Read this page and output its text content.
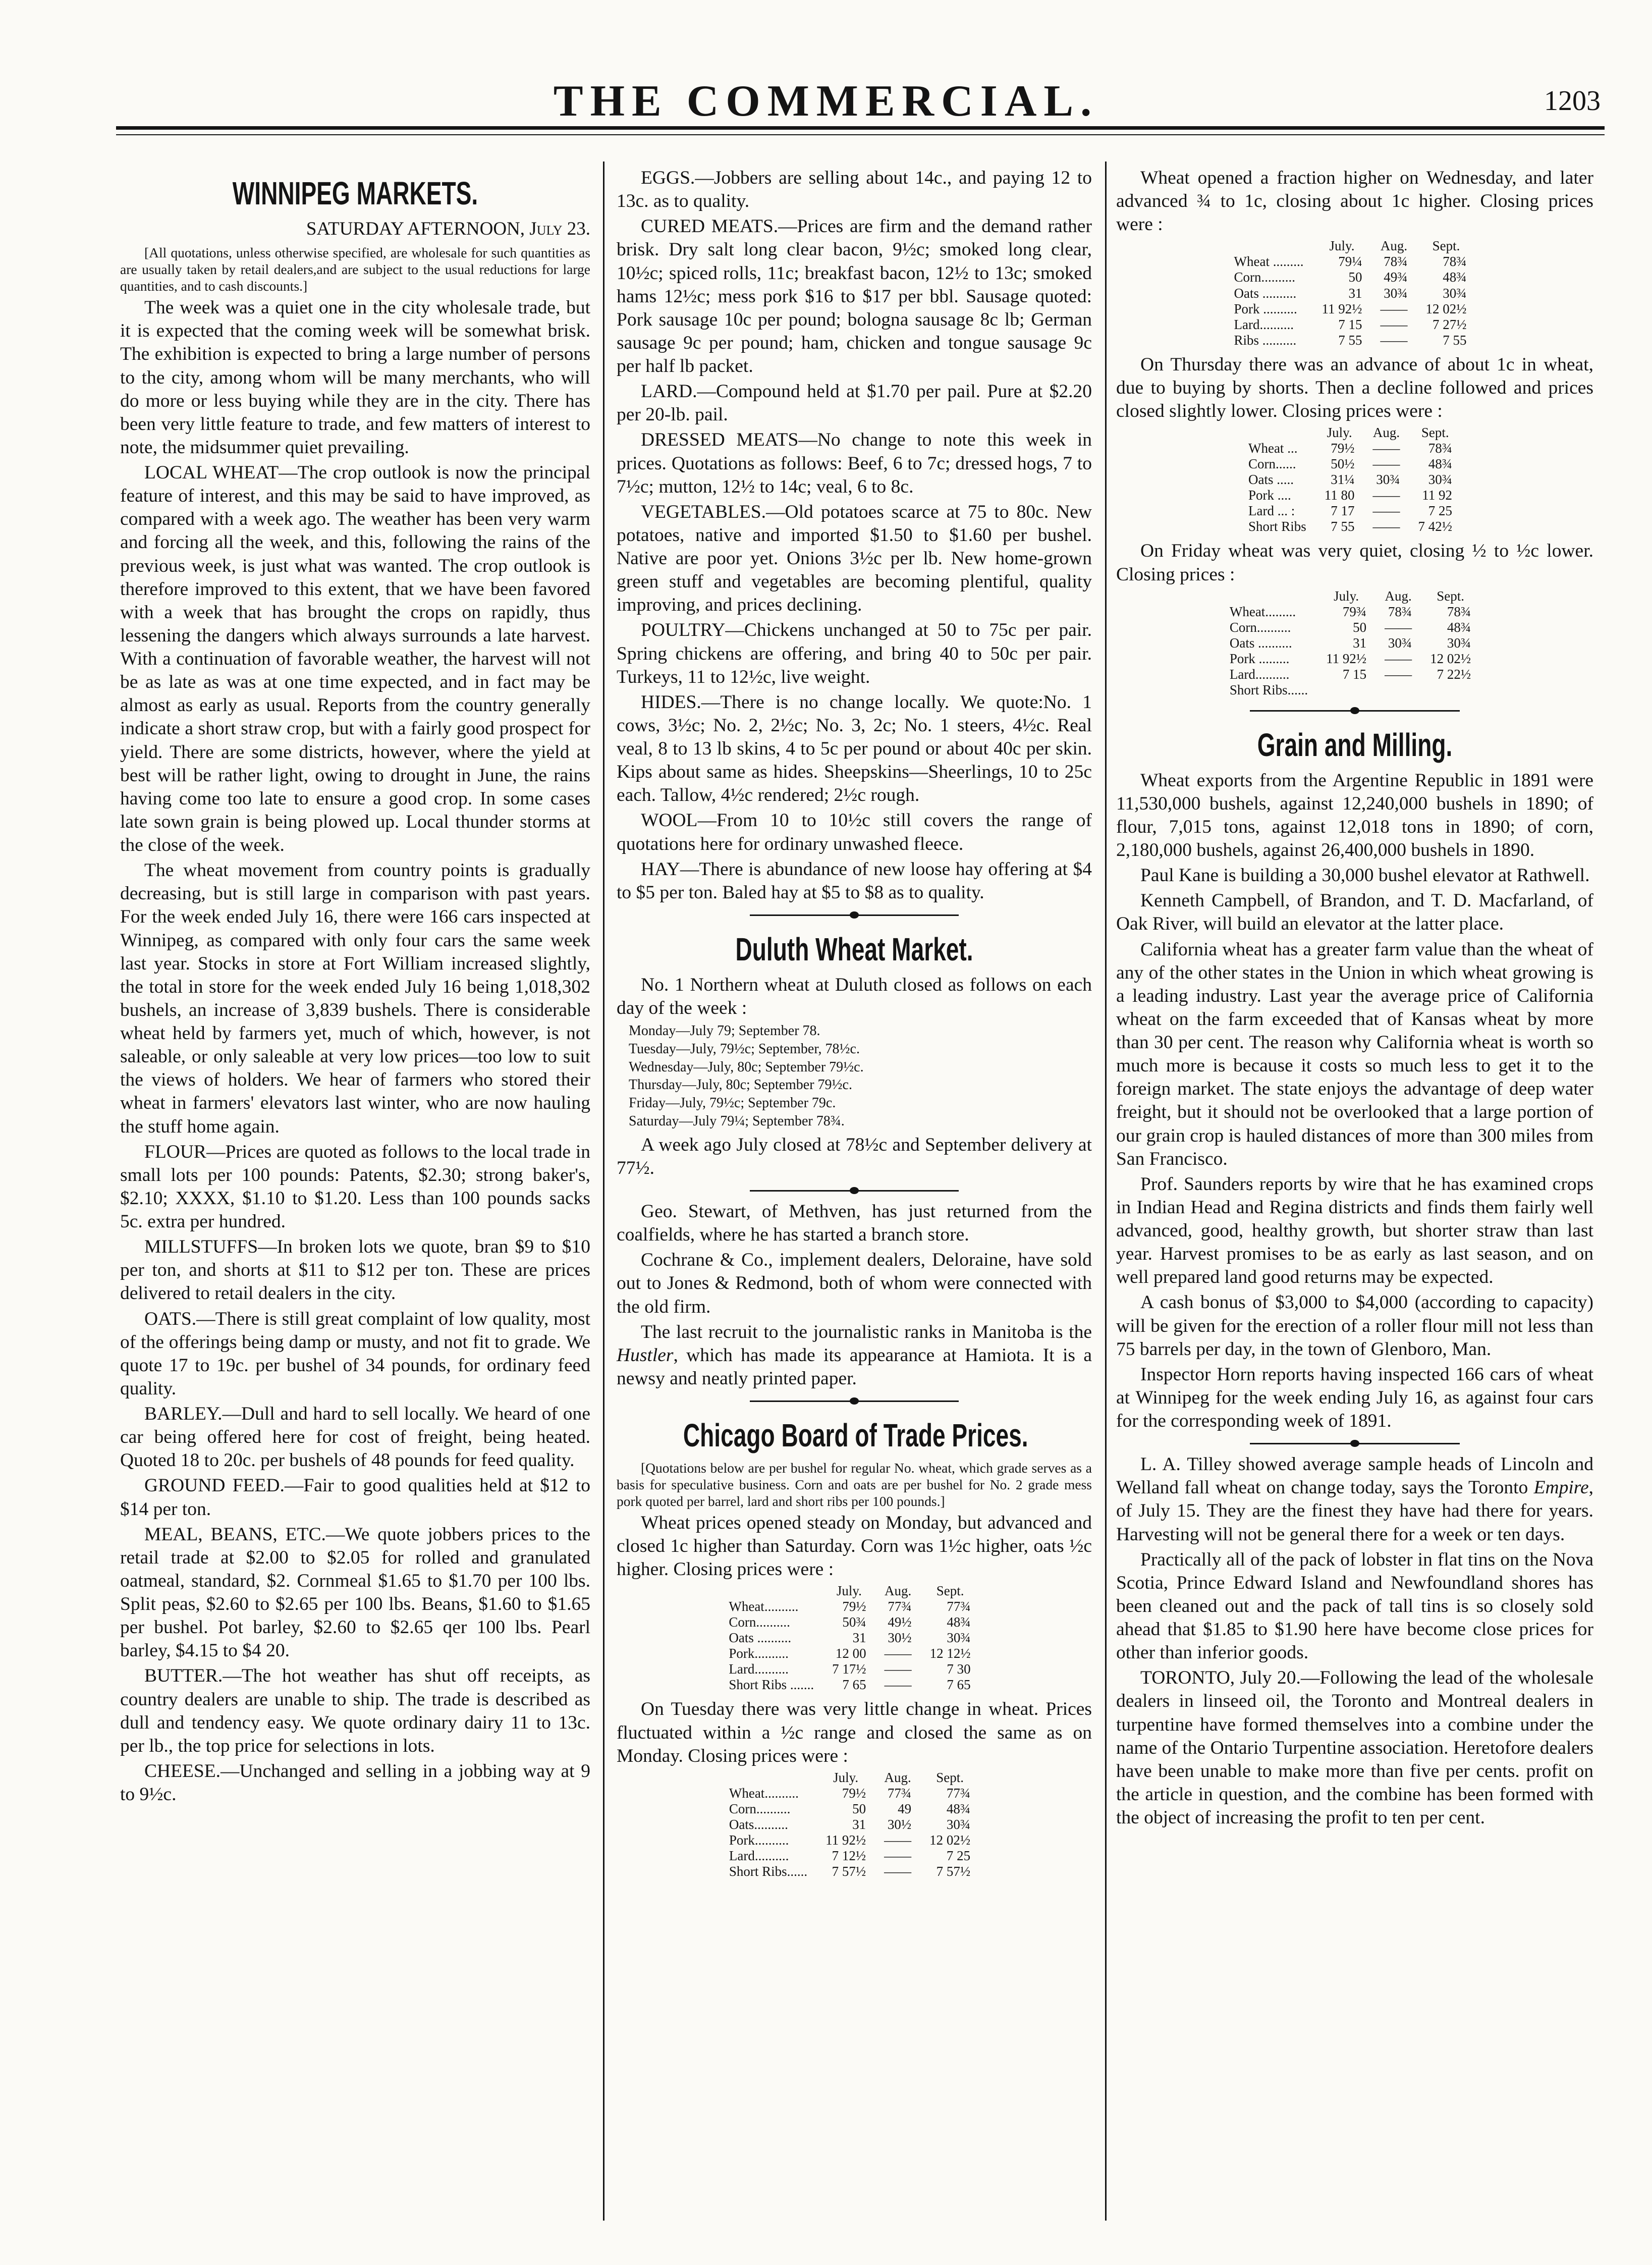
THE COMMERCIAL.	1203
WINNIPEG MARKETS.
SATURDAY AFTERNOON, July 23.

[All quotations, unless otherwise specified, are wholesale for such quantities as are usually taken by retail dealers,and are subject to the usual reductions for large quantities, and to cash discounts.]

The week was a quiet one in the city wholesale trade, but it is expected that the coming week will be somewhat brisk. The exhibition is expected to bring a large number of persons to the city, among whom will be many merchants, who will do more or less buying while they are in the city. There has been very little feature to trade, and few matters of interest to note, the midsummer quiet prevailing.

LOCAL WHEAT—The crop outlook is now the principal feature of interest, and this may be said to have improved, as compared with a week ago. The weather has been very warm and forcing all the week, and this, following the rains of the previous week, is just what was wanted. The crop outlook is therefore improved to this extent, that we have been favored with a week that has brought the crops on rapidly, thus lessening the dangers which always surrounds a late harvest. With a continuation of favorable weather, the harvest will not be as late as was at one time expected, and in fact may be almost as early as usual. Reports from the country generally indicate a short straw crop, but with a fairly good prospect for yield. There are some districts, however, where the yield at best will be rather light, owing to drought in June, the rains having come too late to ensure a good crop. In some cases late sown grain is being plowed up. Local thunder storms at the close of the week.

The wheat movement from country points is gradually decreasing, but is still large in comparison with past years. For the week ended July 16, there were 166 cars inspected at Winnipeg, as compared with only four cars the same week last year. Stocks in store at Fort William increased slightly, the total in store for the week ended July 16 being 1,018,302 bushels, an increase of 3,839 bushels. There is considerable wheat held by farmers yet, much of which, however, is not saleable, or only saleable at very low prices—too low to suit the views of holders. We hear of farmers who stored their wheat in farmers' elevators last winter, who are now hauling the stuff home again.

FLOUR—Prices are quoted as follows to the local trade in small lots per 100 pounds: Patents, $2.30; strong baker's, $2.10; XXXX, $1.10 to $1.20. Less than 100 pounds sacks 5c. extra per hundred.

MILLSTUFFS—In broken lots we quote, bran $9 to $10 per ton, and shorts at $11 to $12 per ton. These are prices delivered to retail dealers in the city.

OATS.—There is still great complaint of low quality, most of the offerings being damp or musty, and not fit to grade. We quote 17 to 19c. per bushel of 34 pounds, for ordinary feed quality.

BARLEY.—Dull and hard to sell locally. We heard of one car being offered here for cost of freight, being heated. Quoted 18 to 20c. per bushels of 48 pounds for feed quality.

GROUND FEED.—Fair to good qualities held at $12 to $14 per ton.

MEAL, BEANS, ETC.—We quote jobbers prices to the retail trade at $2.00 to $2.05 for rolled and granulated oatmeal, standard, $2. Cornmeal $1.65 to $1.70 per 100 lbs. Split peas, $2.60 to $2.65 per 100 lbs. Beans, $1.60 to $1.65 per bushel. Pot barley, $2.60 to $2.65 qer 100 lbs. Pearl barley, $4.15 to $4 20.

BUTTER.—The hot weather has shut off receipts, as country dealers are unable to ship. The trade is described as dull and tendency easy. We quote ordinary dairy 11 to 13c. per lb., the top price for selections in lots.

CHEESE.—Unchanged and selling in a jobbing way at 9 to 9½c.

EGGS.—Jobbers are selling about 14c., and paying 12 to 13c. as to quality.

CURED MEATS.—Prices are firm and the demand rather brisk. Dry salt long clear bacon, 9½c; smoked long clear, 10½c; spiced rolls, 11c; breakfast bacon, 12½ to 13c; smoked hams 12½c; mess pork $16 to $17 per bbl. Sausage quoted: Pork sausage 10c per pound; bologna sausage 8c lb; German sausage 9c per pound; ham, chicken and tongue sausage 9c per half lb packet.

LARD.—Compound held at $1.70 per pail. Pure at $2.20 per 20-lb. pail.

DRESSED MEATS—No change to note this week in prices. Quotations as follows: Beef, 6 to 7c; dressed hogs, 7 to 7½c; mutton, 12½ to 14c; veal, 6 to 8c.

VEGETABLES.—Old potatoes scarce at 75 to 80c. New potatoes, native and imported $1.50 to $1.60 per bushel. Native are poor yet. Onions 3½c per lb. New home-grown green stuff and vegetables are becoming plentiful, quality improving, and prices declining.

POULTRY—Chickens unchanged at 50 to 75c per pair. Spring chickens are offering, and bring 40 to 50c per pair. Turkeys, 11 to 12½c, live weight.

HIDES.—There is no change locally. We quote:No. 1 cows, 3½c; No. 2, 2½c; No. 3, 2c; No. 1 steers, 4½c. Real veal, 8 to 13 lb skins, 4 to 5c per pound or about 40c per skin. Kips about same as hides. Sheepskins—Sheerlings, 10 to 25c each. Tallow, 4½c rendered; 2½c rough.

WOOL—From 10 to 10½c still covers the range of quotations here for ordinary unwashed fleece.

HAY—There is abundance of new loose hay offering at $4 to $5 per ton. Baled hay at $5 to $8 as to quality.

Duluth Wheat Market.

No. 1 Northern wheat at Duluth closed as follows on each day of the week :

Monday—July 79; September 78.
Tuesday—July, 79½c; September, 78½c.
Wednesday—July, 80c; September 79½c.
Thursday—July, 80c; September 79½c.
Friday—July, 79½c; September 79c.
Saturday—July 79¼; September 78¾.

A week ago July closed at 78½c and September delivery at 77½.

Geo. Stewart, of Methven, has just returned from the coalfields, where he has started a branch store.

Cochrane & Co., implement dealers, Deloraine, have sold out to Jones & Redmond, both of whom were connected with the old firm.

The last recruit to the journalistic ranks in Manitoba is the Hustler, which has made its appearance at Hamiota. It is a newsy and neatly printed paper.

Chicago Board of Trade Prices.

[Quotations below are per bushel for regular No. wheat, which grade serves as a basis for speculative business. Corn and oats are per bushel for No. 2 grade mess pork quoted per barrel, lard and short ribs per 100 pounds.]

Wheat prices opened steady on Monday, but advanced and closed 1c higher than Saturday. Corn was 1½c higher, oats ½c higher. Closing prices were :

	July.	Aug.	Sept.
Wheat..........	79½	77¾	77¾
Corn..........	50¾	49½	48¾
Oats ..........	31	30½	30¾
Pork..........	12 00	——	12 12½
Lard..........	7 17½	——	7 30
Short Ribs .......	7 65	——	7 65

On Tuesday there was very little change in wheat. Prices fluctuated within a ½c range and closed the same as on Monday. Closing prices were :

	July.	Aug.	Sept.
Wheat..........	79½	77¾	77¾
Corn..........	50	49	48¾
Oats..........	31	30½	30¾
Pork..........	11 92½	——	12 02½
Lard..........	7 12½	——	7 25
Short Ribs......	7 57½	——	7 57½

Wheat opened a fraction higher on Wednesday, and later advanced ¾ to 1c, closing about 1c higher. Closing prices were :

	July.	Aug.	Sept.
Wheat .........	79¼	78¾	78¾
Corn..........	50	49¾	48¾
Oats ..........	31	30¾	30¾
Pork ..........	11 92½	——	12 02½
Lard..........	7 15	——	7 27½
Ribs ..........	7 55	——	7 55

On Thursday there was an advance of about 1c in wheat, due to buying by shorts. Then a decline followed and prices closed slightly lower. Closing prices were :

	July.	Aug.	Sept.
Wheat ...	79½	——	78¾
Corn......	50½	——	48¾
Oats .....	31¼	30¾	30¾
Pork ....	11 80	——	11 92
Lard ... :	7 17	——	7 25
Short Ribs	7 55	——	7 42½

On Friday wheat was very quiet, closing ½ to ½c lower. Closing prices :

	July.	Aug.	Sept.
Wheat.........	79¾	78¾	78¾
Corn..........	50	——	48¾
Oats ..........	31	30¾	30¾
Pork .........	11 92½	——	12 02½
Lard..........	7 15	——	7 22½
Short Ribs......			
Grain and Milling.

Wheat exports from the Argentine Republic in 1891 were 11,530,000 bushels, against 12,240,000 bushels in 1890; of flour, 7,015 tons, against 12,018 tons in 1890; of corn, 2,180,000 bushels, against 26,400,000 bushels in 1890.

Paul Kane is building a 30,000 bushel elevator at Rathwell.

Kenneth Campbell, of Brandon, and T. D. Macfarland, of Oak River, will build an elevator at the latter place.

California wheat has a greater farm value than the wheat of any of the other states in the Union in which wheat growing is a leading industry. Last year the average price of California wheat on the farm exceeded that of Kansas wheat by more than 30 per cent. The reason why California wheat is worth so much more is because it costs so much less to get it to the foreign market. The state enjoys the advantage of deep water freight, but it should not be overlooked that a large portion of our grain crop is hauled distances of more than 300 miles from San Francisco.

Prof. Saunders reports by wire that he has examined crops in Indian Head and Regina districts and finds them fairly well advanced, good, healthy growth, but shorter straw than last year. Harvest promises to be as early as last season, and on well prepared land good returns may be expected.

A cash bonus of $3,000 to $4,000 (according to capacity) will be given for the erection of a roller flour mill not less than 75 barrels per day, in the town of Glenboro, Man.

Inspector Horn reports having inspected 166 cars of wheat at Winnipeg for the week ending July 16, as against four cars for the corresponding week of 1891.

L. A. Tilley showed average sample heads of Lincoln and Welland fall wheat on change today, says the Toronto Empire, of July 15. They are the finest they have had there for years. Harvesting will not be general there for a week or ten days.

Practically all of the pack of lobster in flat tins on the Nova Scotia, Prince Edward Island and Newfoundland shores has been cleaned out and the pack of tall tins is so closely sold ahead that $1.85 to $1.90 here have become close prices for other than inferior goods.

TORONTO, July 20.—Following the lead of the wholesale dealers in linseed oil, the Toronto and Montreal dealers in turpentine have formed themselves into a combine under the name of the Ontario Turpentine association. Heretofore dealers have been unable to make more than five per cents. profit on the article in question, and the combine has been formed with the object of increasing the profit to ten per cent.
